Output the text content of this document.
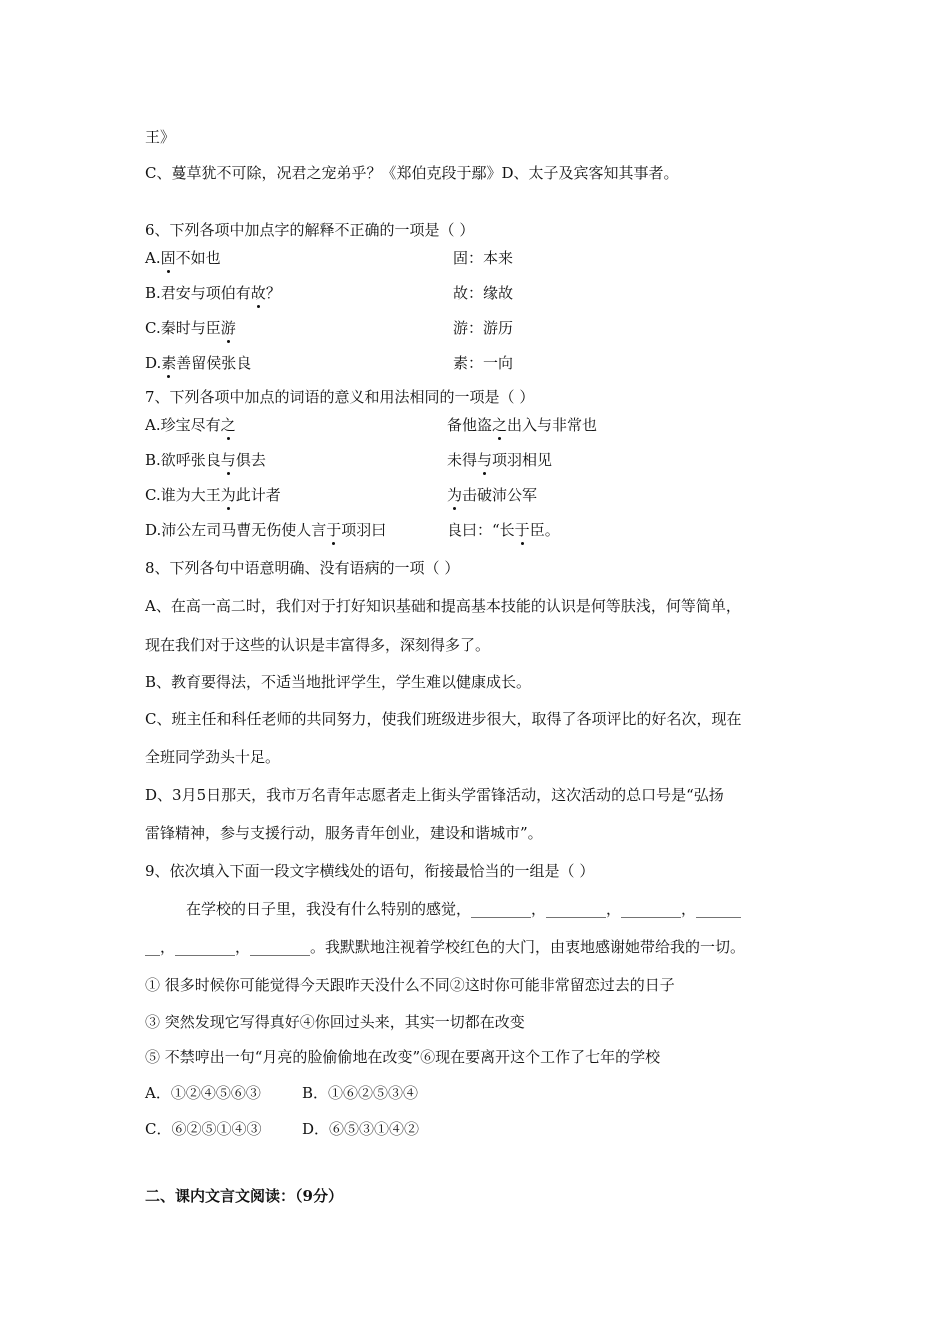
王》
C、蔓草犹不可除，况君之宠弟乎？《郑伯克段于鄢》D、太子及宾客知其事者。
6、下列各项中加点字的解释不正确的一项是（ ）
A.固不如也	固：本来
B.君安与项伯有故？	故：缘故
C.秦时与臣游	游：游历
D.素善留侯张良	素：一向
7、下列各项中加点的词语的意义和用法相同的一项是（ ）
A.珍宝尽有之	备他盗之出入与非常也
B.欲呼张良与俱去	未得与项羽相见
C.谁为大王为此计者	为击破沛公军
D.沛公左司马曹无伤使人言于项羽曰	良曰：“长于臣。
8、下列各句中语意明确、没有语病的一项（ ）
A、在高一高二时，我们对于打好知识基础和提高基本技能的认识是何等肤浅，何等简单，
现在我们对于这些的认识是丰富得多，深刻得多了。
B、教育要得法，不适当地批评学生，学生难以健康成长。
C、班主任和科任老师的共同努力，使我们班级进步很大，取得了各项评比的好名次，现在
全班同学劲头十足。
D、3月5日那天，我市万名青年志愿者走上街头学雷锋活动，这次活动的总口号是“弘扬
雷锋精神，参与支援行动，服务青年创业，建设和谐城市”。
9、依次填入下面一段文字横线处的语句，衔接最恰当的一组是（ ）
在学校的日子里，我没有什么特别的感觉，________，________，________，______
__，________，________。我默默地注视着学校红色的大门，由衷地感谢她带给我的一切。
① 很多时候你可能觉得今天跟昨天没什么不同②这时你可能非常留恋过去的日子
③ 突然发现它写得真好④你回过头来，其实一切都在改变
⑤ 不禁哼出一句“月亮的脸偷偷地在改变”⑥现在要离开这个工作了七年的学校
A．①②④⑤⑥③	B．①⑥②⑤③④
C．⑥②⑤①④③	D．⑥⑤③①④②
二、课内文言文阅读：（9分）
